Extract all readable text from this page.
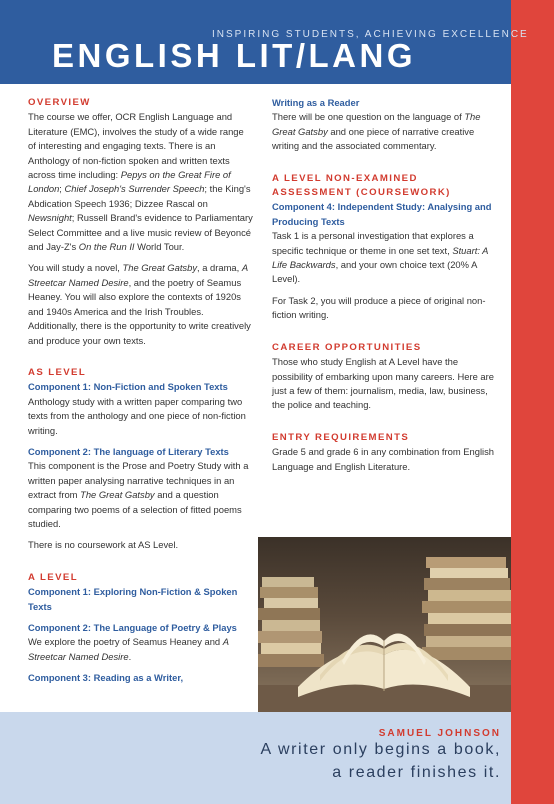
INSPIRING STUDENTS, ACHIEVING EXCELLENCE
ENGLISH LIT/LANG
OVERVIEW
The course we offer, OCR English Language and Literature (EMC), involves the study of a wide range of interesting and engaging texts. There is an Anthology of non-fiction spoken and written texts across time including: Pepys on the Great Fire of London; Chief Joseph's Surrender Speech; the King's Abdication Speech 1936; Dizzee Rascal on Newsnight; Russell Brand's evidence to Parliamentary Select Committee and a live music review of Beyoncé and Jay-Z's On the Run II World Tour.
You will study a novel, The Great Gatsby, a drama, A Streetcar Named Desire, and the poetry of Seamus Heaney. You will also explore the contexts of 1920s and 1940s America and the Irish Troubles. Additionally, there is the opportunity to write creatively and produce your own texts.
AS LEVEL
Component 1: Non-Fiction and Spoken Texts
Anthology study with a written paper comparing two texts from the anthology and one piece of non-fiction writing.
Component 2: The language of Literary Texts
This component is the Prose and Poetry Study with a written paper analysing narrative techniques in an extract from The Great Gatsby and a question comparing two poems of a selection of fitted poems studied.
There is no coursework at AS Level.
A LEVEL
Component 1: Exploring Non-Fiction & Spoken Texts
Component 2: The Language of Poetry & Plays
We explore the poetry of Seamus Heaney and A Streetcar Named Desire.
Component 3: Reading as a Writer,
Writing as a Reader
There will be one question on the language of The Great Gatsby and one piece of narrative creative writing and the associated commentary.
A LEVEL NON-EXAMINED ASSESSMENT (COURSEWORK)
Component 4: Independent Study: Analysing and Producing Texts
Task 1 is a personal investigation that explores a specific technique or theme in one set text, Stuart: A Life Backwards, and your own choice text (20% A Level).
For Task 2, you will produce a piece of original non-fiction writing.
CAREER OPPORTUNITIES
Those who study English at A Level have the possibility of embarking upon many careers. Here are just a few of them: journalism, media, law, business, the police and teaching.
ENTRY REQUIREMENTS
Grade 5 and grade 6 in any combination from English Language and English Literature.
SAMUEL JOHNSON
A writer only begins a book,
a reader finishes it.
